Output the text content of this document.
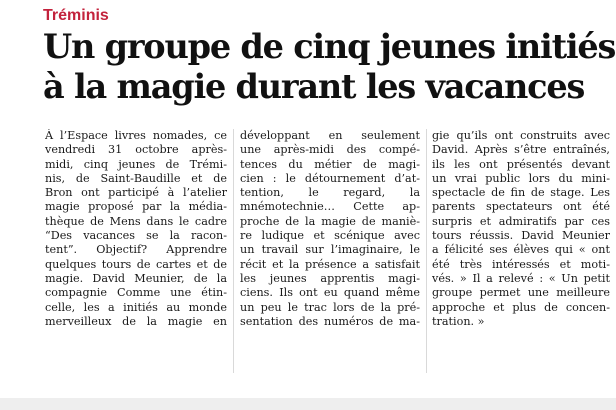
Tréminis
Un groupe de cinq jeunes initiés
à la magie durant les vacances
À l’Espace livres nomades, ce
vendredi 31 octobre après-
midi, cinq jeunes de Trémi-
nis, de Saint-Baudille et de
Bron ont participé à l’atelier
magie proposé par la média-
thèque de Mens dans le cadre
“Des vacances se la racon-
tent”. Objectif? Apprendre
quelques tours de cartes et de
magie. David Meunier, de la
compagnie Comme une étin-
celle, les a initiés au monde
merveilleux de la magie en
développant en seulement
une après-midi des compé-
tences du métier de magi-
cien : le détournement d’at-
tention, le regard, la
mnémotechnie… Cette ap-
proche de la magie de maniè-
re ludique et scénique avec
un travail sur l’imaginaire, le
récit et la présence a satisfait
les jeunes apprentis magi-
ciens. Ils ont eu quand même
un peu le trac lors de la pré-
sentation des numéros de ma-
gie qu’ils ont construits avec
David. Après s’être entraînés,
ils les ont présentés devant
un vrai public lors du mini-
spectacle de fin de stage. Les
parents spectateurs ont été
surpris et admiratifs par ces
tours réussis. David Meunier
a félicité ses élèves qui « ont
été très intéressés et moti-
vés. » Il a relevé : « Un petit
groupe permet une meilleure
approche et plus de concen-
tration. »
